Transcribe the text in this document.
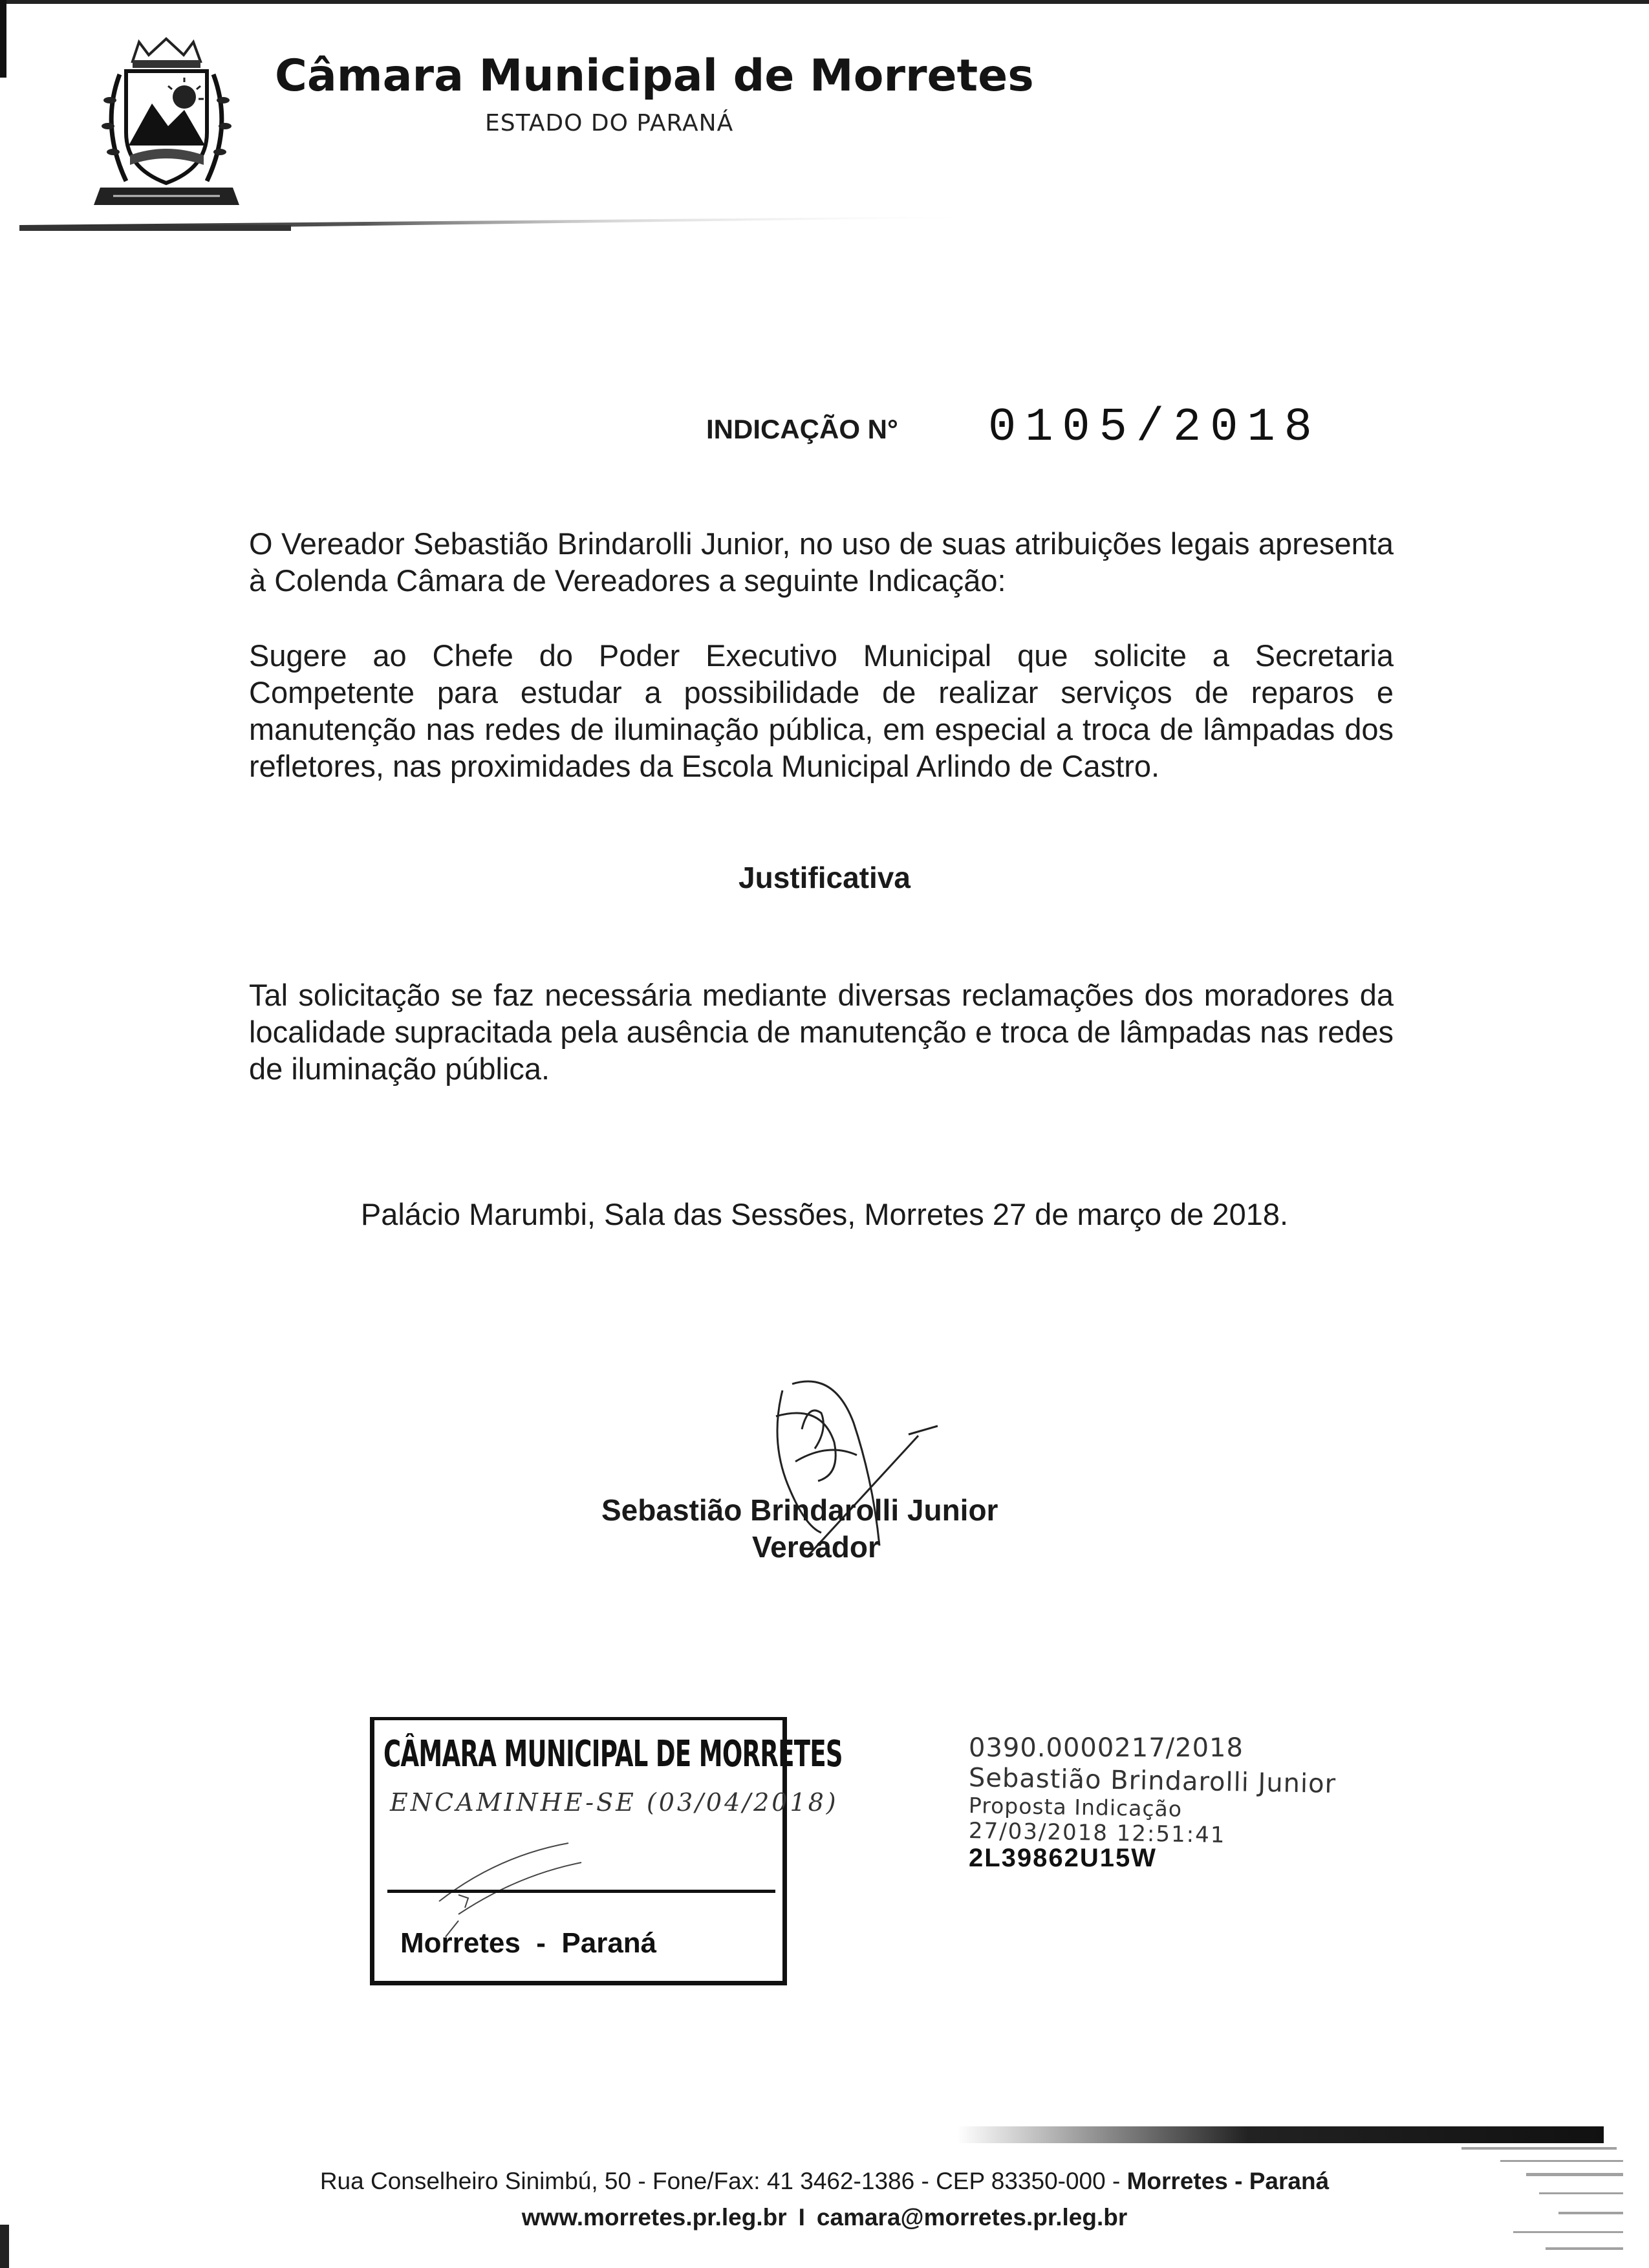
Câmara Municipal de Morretes
ESTADO DO PARANÁ
INDICAÇÃO N° 0105/2018
O Vereador Sebastião Brindarolli Junior, no uso de suas atribuições legais apresenta à Colenda Câmara de Vereadores a seguinte Indicação:
Sugere ao Chefe do Poder Executivo Municipal que solicite a Secretaria Competente para estudar a possibilidade de realizar serviços de reparos e manutenção nas redes de iluminação pública, em especial a troca de lâmpadas dos refletores, nas proximidades da Escola Municipal Arlindo de Castro.
Justificativa
Tal solicitação se faz necessária mediante diversas reclamações dos moradores da localidade supracitada pela ausência de manutenção e troca de lâmpadas nas redes de iluminação pública.
Palácio Marumbi, Sala das Sessões, Morretes 27 de março de 2018.
Sebastião Brindarolli Junior
Vereador
CÂMARA MUNICIPAL DE MORRETES
ENCAMINHE-SE (03/04/2018)
Morretes  -  Paraná
0390.0000217/2018
Sebastião Brindarolli Junior
Proposta Indicação
27/03/2018 12:51:41
2L39862U15W
Rua Conselheiro Sinimbú, 50 - Fone/Fax: 41 3462-1386 - CEP 83350-000 - Morretes - Paraná
www.morretes.pr.leg.br I camara@morretes.pr.leg.br
